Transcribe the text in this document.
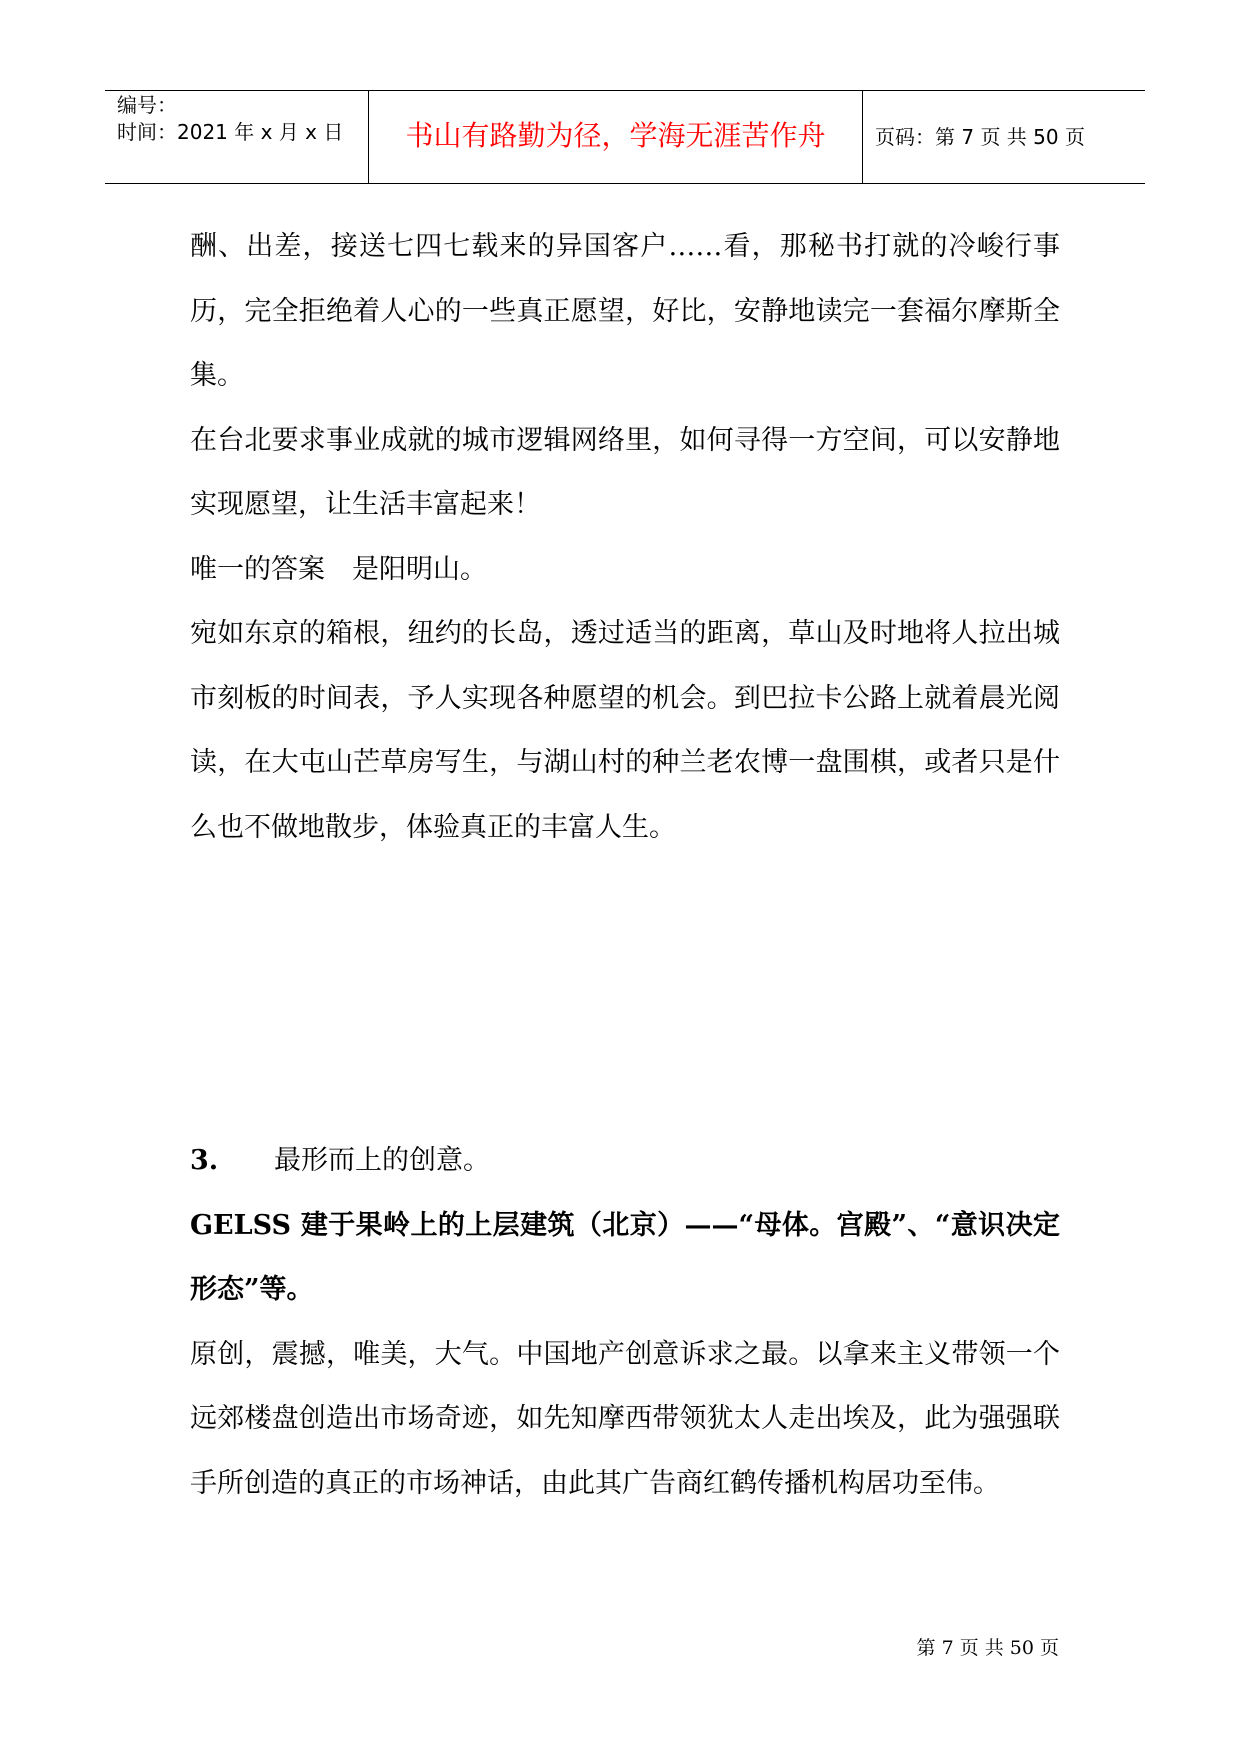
编号：
时间：2021 年 x 月 x 日	书山有路勤为径，学海无涯苦作舟	页码：第 7 页 共 50 页

酬、出差，接送七四七载来的异国客户……看，那秘书打就的冷峻行事历，完全拒绝着人心的一些真正愿望，好比，安静地读完一套福尔摩斯全集。

在台北要求事业成就的城市逻辑网络里，如何寻得一方空间，可以安静地实现愿望，让生活丰富起来！

唯一的答案　是阳明山。

宛如东京的箱根，纽约的长岛，透过适当的距离，草山及时地将人拉出城市刻板的时间表，予人实现各种愿望的机会。到巴拉卡公路上就着晨光阅读，在大屯山芒草房写生，与湖山村的种兰老农博一盘围棋，或者只是什么也不做地散步，体验真正的丰富人生。

3. 最形而上的创意。

GELSS 建于果岭上的上层建筑（北京）——“母体。宫殿”、“意识决定形态”等。

原创，震撼，唯美，大气。中国地产创意诉求之最。以拿来主义带领一个远郊楼盘创造出市场奇迹，如先知摩西带领犹太人走出埃及，此为强强联手所创造的真正的市场神话，由此其广告商红鹤传播机构居功至伟。

第 7 页 共 50 页
